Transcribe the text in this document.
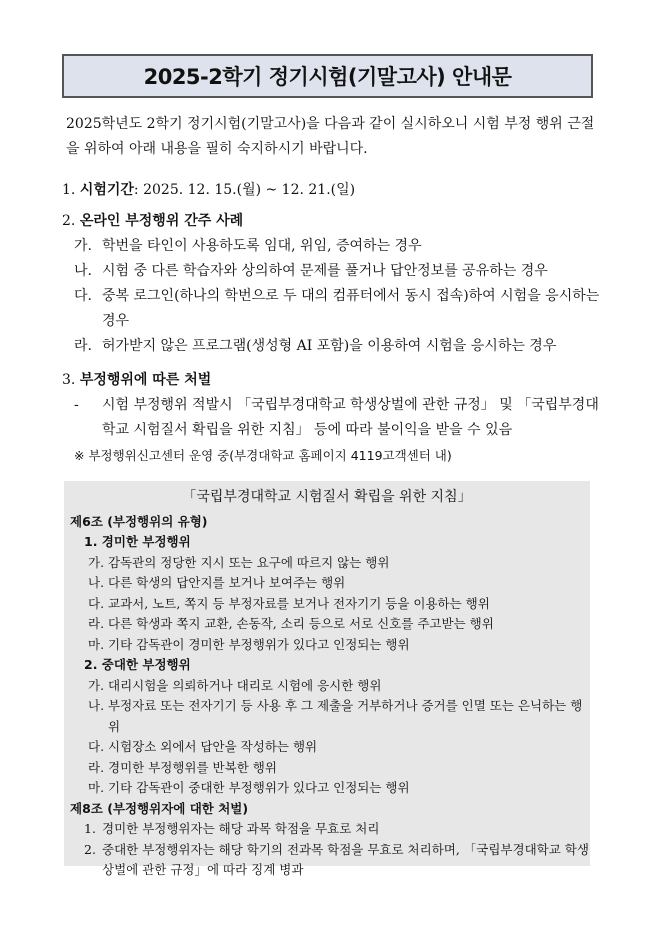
2025-2학기 정기시험(기말고사) 안내문
2025학년도 2학기 정기시험(기말고사)을 다음과 같이 실시하오니 시험 부정 행위 근절을 위하여 아래 내용을 필히 숙지하시기 바랍니다.
1. 시험기간: 2025. 12. 15.(월) ~ 12. 21.(일)
2. 온라인 부정행위 간주 사례
가. 학번을 타인이 사용하도록 임대, 위임, 증여하는 경우
나. 시험 중 다른 학습자와 상의하여 문제를 풀거나 답안정보를 공유하는 경우
다. 중복 로그인(하나의 학번으로 두 대의 컴퓨터에서 동시 접속)하여 시험을 응시하는 경우
라. 허가받지 않은 프로그램(생성형 AI 포함)을 이용하여 시험을 응시하는 경우
3. 부정행위에 따른 처벌
-	시험 부정행위 적발시 「국립부경대학교 학생상벌에 관한 규정」 및 「국립부경대학교 시험질서 확립을 위한 지침」 등에 따라 불이익을 받을 수 있음
※ 부정행위신고센터 운영 중(부경대학교 홈페이지 4119고객센터 내)
「국립부경대학교 시험질서 확립을 위한 지침」
제6조 (부정행위의 유형)
1. 경미한 부정행위
가. 감독관의 정당한 지시 또는 요구에 따르지 않는 행위
나. 다른 학생의 답안지를 보거나 보여주는 행위
다. 교과서, 노트, 쪽지 등 부정자료를 보거나 전자기기 등을 이용하는 행위
라. 다른 학생과 쪽지 교환, 손동작, 소리 등으로 서로 신호를 주고받는 행위
마. 기타 감독관이 경미한 부정행위가 있다고 인정되는 행위
2. 중대한 부정행위
가. 대리시험을 의뢰하거나 대리로 시험에 응시한 행위
나. 부정자료 또는 전자기기 등 사용 후 그 제출을 거부하거나 증거를 인멸 또는 은닉하는 행위
다. 시험장소 외에서 답안을 작성하는 행위
라. 경미한 부정행위를 반복한 행위
마. 기타 감독관이 중대한 부정행위가 있다고 인정되는 행위
제8조 (부정행위자에 대한 처벌)
1. 경미한 부정행위자는 해당 과목 학점을 무효로 처리
2. 중대한 부정행위자는 해당 학기의 전과목 학점을 무효로 처리하며, 「국립부경대학교 학생상벌에 관한 규정」에 따라 징계 병과
